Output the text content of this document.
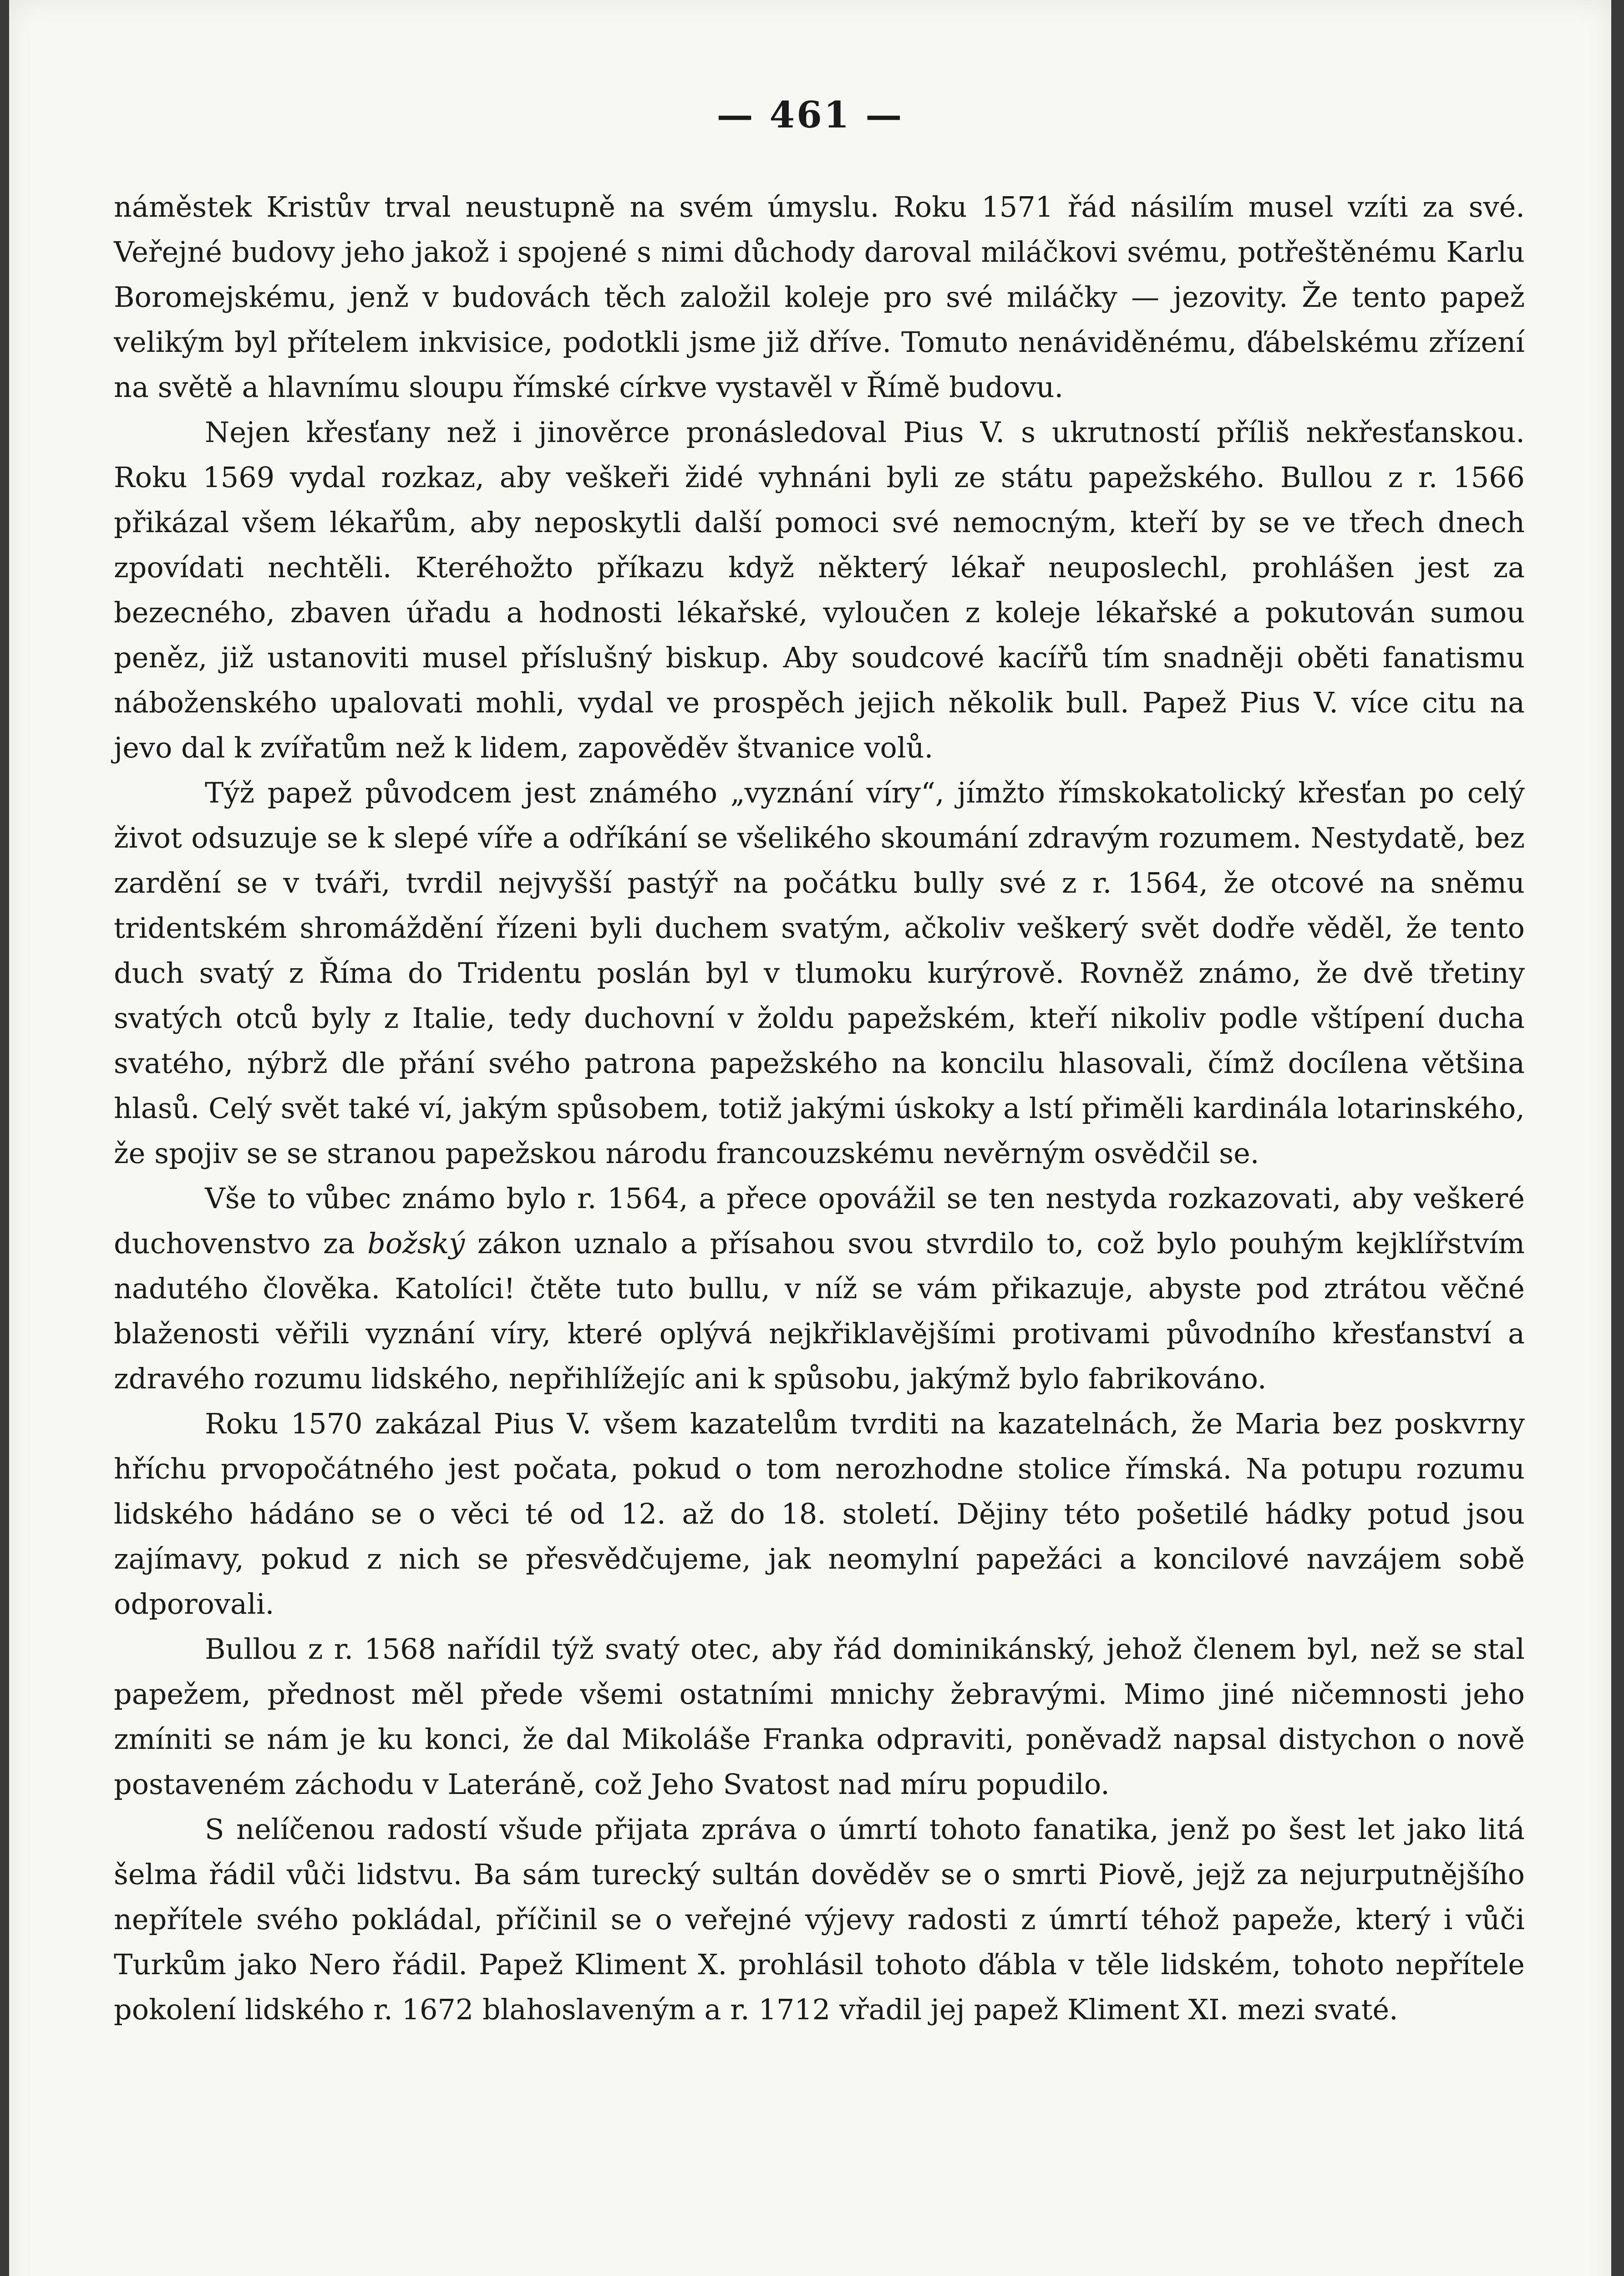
— 461 —

náměstek Kristův trval neustupně na svém úmyslu. Roku 1571 řád násilím musel vzíti za své. Veřejné budovy jeho jakož i spojené s nimi důchody daroval miláčkovi svému, potřeštěnému Karlu Boromejskému, jenž v budovách těch založil koleje pro své miláčky — jezovity. Že tento papež velikým byl přítelem inkvisice, podotkli jsme již dříve. Tomuto nenáviděnému, ďábelskému zřízení na světě a hlavnímu sloupu římské církve vystavěl v Římě budovu.

Nejen křesťany než i jinověrce pronásledoval Pius V. s ukrutností příliš nekřesťanskou. Roku 1569 vydal rozkaz, aby veškeři židé vyhnáni byli ze státu papežského. Bullou z r. 1566 přikázal všem lékařům, aby neposkytli další pomoci své nemocným, kteří by se ve třech dnech zpovídati nechtěli. Kteréhožto příkazu když některý lékař neuposlechl, prohlášen jest za bezecného, zbaven úřadu a hodnosti lékařské, vyloučen z koleje lékařské a pokutován sumou peněz, již ustanoviti musel příslušný biskup. Aby soudcové kacířů tím snadněji oběti fanatismu náboženského upalovati mohli, vydal ve prospěch jejich několik bull. Papež Pius V. více citu na jevo dal k zvířatům než k lidem, zapověděv štvanice volů.

Týž papež původcem jest známého „vyznání víry“, jímžto římskokatolický křesťan po celý život odsuzuje se k slepé víře a odříkání se všelikého skoumání zdravým rozumem. Nestydatě, bez zardění se v tváři, tvrdil nejvyšší pastýř na počátku bully své z r. 1564, že otcové na sněmu tridentském shromáždění řízeni byli duchem svatým, ačkoliv veškerý svět dodře věděl, že tento duch svatý z Říma do Tridentu poslán byl v tlumoku kurýrově. Rovněž známo, že dvě třetiny svatých otců byly z Italie, tedy duchovní v žoldu papežském, kteří nikoliv podle vštípení ducha svatého, nýbrž dle přání svého patrona papežského na koncilu hlasovali, čímž docílena většina hlasů. Celý svět také ví, jakým spůsobem, totiž jakými úskoky a lstí přiměli kardinála lotarinského, že spojiv se se stranou papežskou národu francouzskému nevěrným osvědčil se.

Vše to vůbec známo bylo r. 1564, a přece opovážil se ten nestyda rozkazovati, aby veškeré duchovenstvo za božský zákon uznalo a přísahou svou stvrdilo to, což bylo pouhým kejklířstvím nadutého člověka. Katolíci! čtěte tuto bullu, v níž se vám přikazuje, abyste pod ztrátou věčné blaženosti věřili vyznání víry, které oplývá nejkřiklavějšími protivami původního křesťanství a zdravého rozumu lidského, nepřihlížejíc ani k spůsobu, jakýmž bylo fabrikováno.

Roku 1570 zakázal Pius V. všem kazatelům tvrditi na kazatelnách, že Maria bez poskvrny hříchu prvopočátného jest počata, pokud o tom nerozhodne stolice římská. Na potupu rozumu lidského hádáno se o věci té od 12. až do 18. století. Dějiny této pošetilé hádky potud jsou zajímavy, pokud z nich se přesvědčujeme, jak neomylní papežáci a koncilové navzájem sobě odporovali.

Bullou z r. 1568 nařídil týž svatý otec, aby řád dominikánský, jehož členem byl, než se stal papežem, přednost měl přede všemi ostatními mnichy žebravými. Mimo jiné ničemnosti jeho zmíniti se nám je ku konci, že dal Mikoláše Franka odpraviti, poněvadž napsal distychon o nově postaveném záchodu v Lateráně, což Jeho Svatost nad míru popudilo.

S nelíčenou radostí všude přijata zpráva o úmrtí tohoto fanatika, jenž po šest let jako litá šelma řádil vůči lidstvu. Ba sám turecký sultán dověděv se o smrti Piově, jejž za nejurputnějšího nepřítele svého pokládal, příčinil se o veřejné výjevy radosti z úmrtí téhož papeže, který i vůči Turkům jako Nero řádil. Papež Kliment X. prohlásil tohoto ďábla v těle lidském, tohoto nepřítele pokolení lidského r. 1672 blahoslaveným a r. 1712 vřadil jej papež Kliment XI. mezi svaté.
